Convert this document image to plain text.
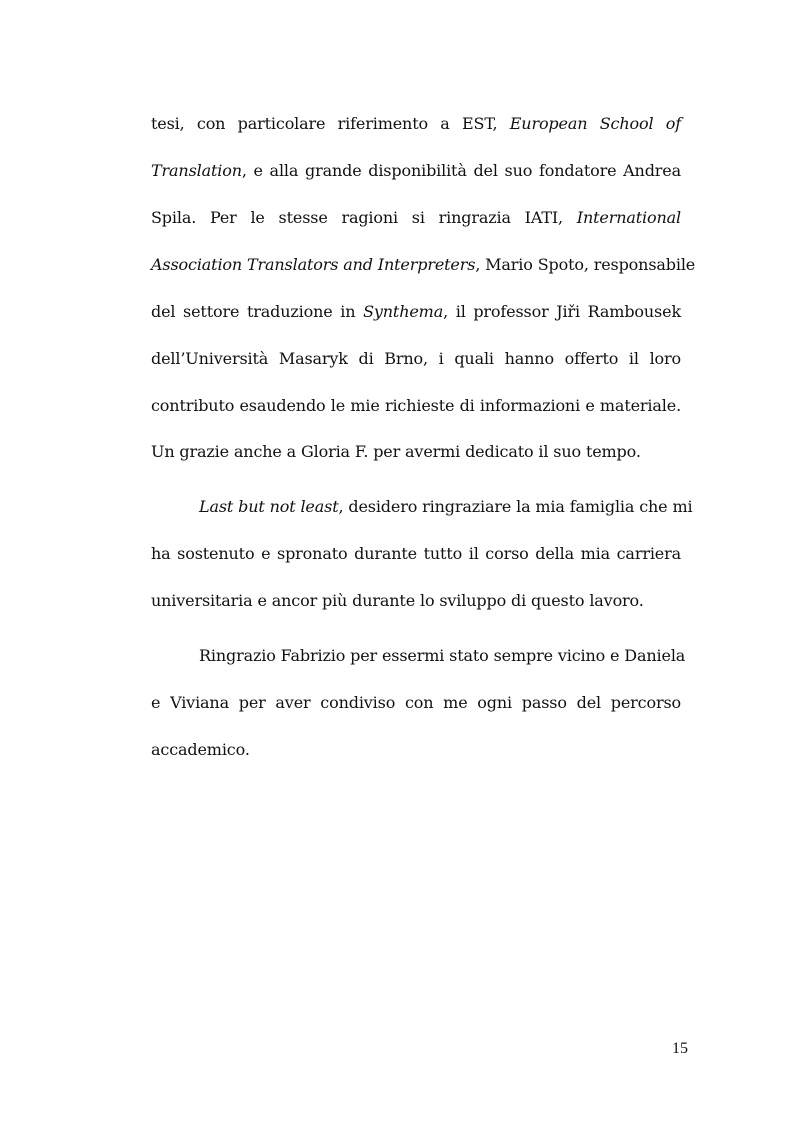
tesi, con particolare riferimento a EST, European School of
Translation, e alla grande disponibilità del suo fondatore Andrea
Spila. Per le stesse ragioni si ringrazia IATI, International
Association Translators and Interpreters, Mario Spoto, responsabile
del settore traduzione in Synthema, il professor Jiři Rambousek
dell’Università Masaryk di Brno, i quali hanno offerto il loro
contributo esaudendo le mie richieste di informazioni e materiale.
Un grazie anche a Gloria F. per avermi dedicato il suo tempo.
Last but not least, desidero ringraziare la mia famiglia che mi
ha sostenuto e spronato durante tutto il corso della mia carriera
universitaria e ancor più durante lo sviluppo di questo lavoro.
Ringrazio Fabrizio per essermi stato sempre vicino e Daniela
e Viviana per aver condiviso con me ogni passo del percorso
accademico.
15
